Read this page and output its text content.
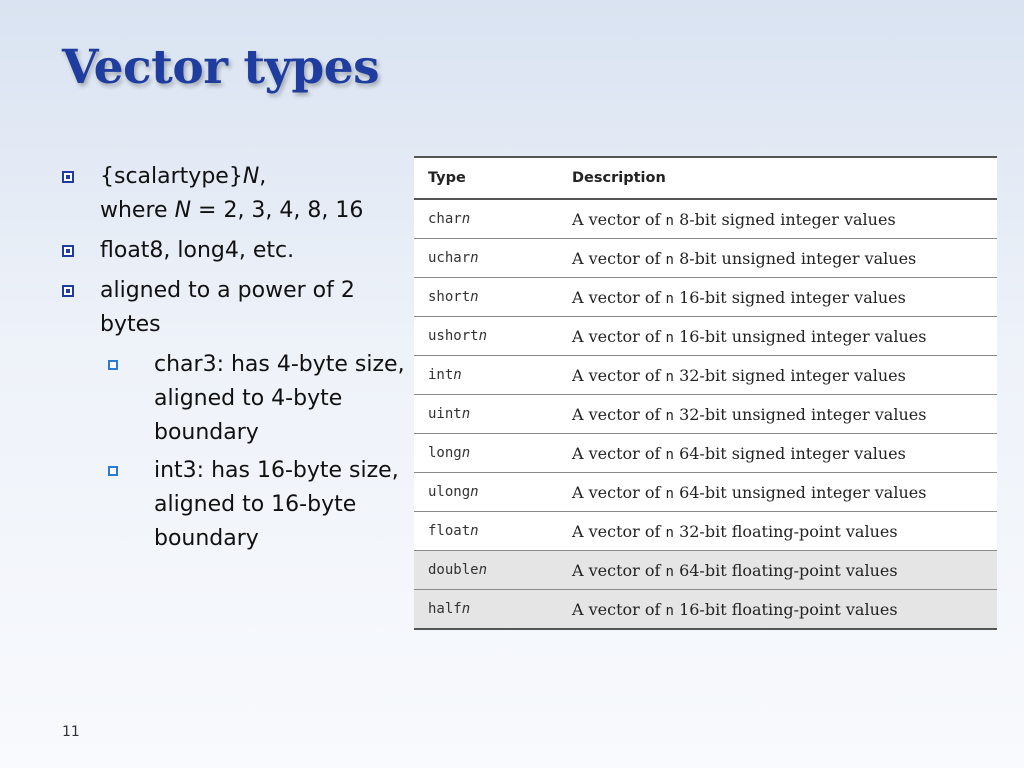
Vector types
{scalartype}N,
where N = 2, 3, 4, 8, 16
float8, long4, etc.
aligned to a power of 2
bytes
char3: has 4-byte size,
aligned to 4-byte
boundary
int3: has 16-byte size,
aligned to 16-byte
boundary
Type	Description
charn	A vector of n 8-bit signed integer values
ucharn	A vector of n 8-bit unsigned integer values
shortn	A vector of n 16-bit signed integer values
ushortn	A vector of n 16-bit unsigned integer values
intn	A vector of n 32-bit signed integer values
uintn	A vector of n 32-bit unsigned integer values
longn	A vector of n 64-bit signed integer values
ulongn	A vector of n 64-bit unsigned integer values
floatn	A vector of n 32-bit floating-point values
doublen	A vector of n 64-bit floating-point values
halfn	A vector of n 16-bit floating-point values
11
